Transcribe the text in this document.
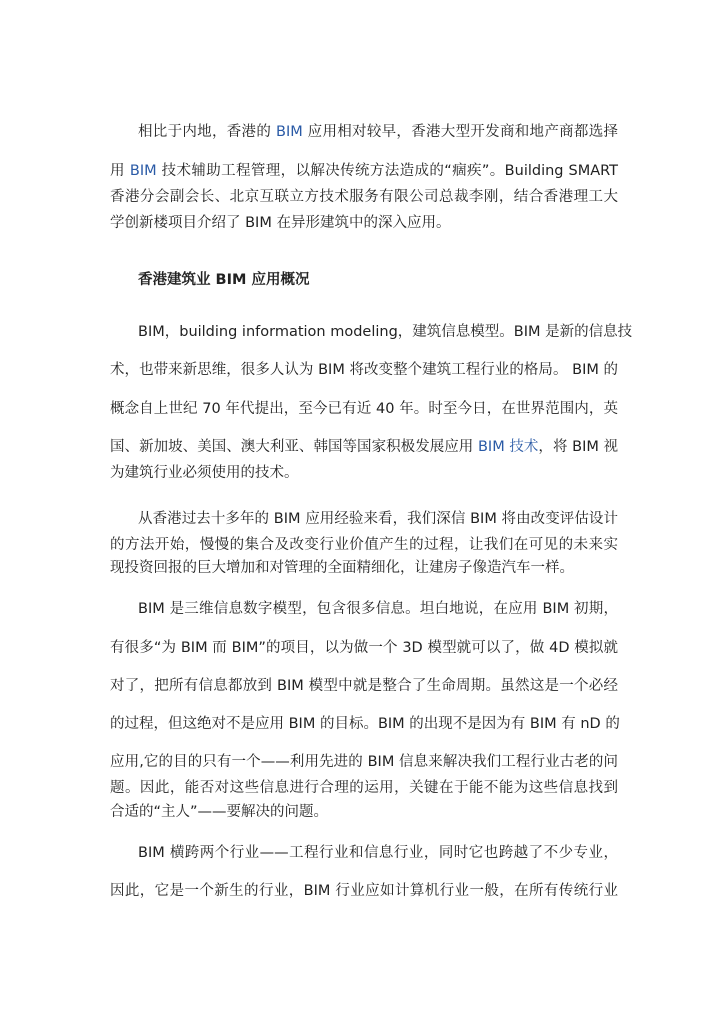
相比于内地，香港的 BIM 应用相对较早，香港大型开发商和地产商都选择
用 BIM 技术辅助工程管理，以解决传统方法造成的“痼疾”。Building SMART
香港分会副会长、北京互联立方技术服务有限公司总裁李刚，结合香港理工大
学创新楼项目介绍了 BIM 在异形建筑中的深入应用。
香港建筑业 BIM 应用概况
BIM，building information modeling，建筑信息模型。BIM 是新的信息技
术，也带来新思维，很多人认为 BIM 将改变整个建筑工程行业的格局。 BIM 的
概念自上世纪 70 年代提出，至今已有近 40 年。时至今日，在世界范围内，英
国、新加坡、美国、澳大利亚、韩国等国家积极发展应用 BIM 技术，将 BIM 视
为建筑行业必须使用的技术。
从香港过去十多年的 BIM 应用经验来看，我们深信 BIM 将由改变评估设计
的方法开始，慢慢的集合及改变行业价值产生的过程，让我们在可见的未来实
现投资回报的巨大增加和对管理的全面精细化，让建房子像造汽车一样。
BIM 是三维信息数字模型，包含很多信息。坦白地说，在应用 BIM 初期，
有很多“为 BIM 而 BIM”的项目，以为做一个 3D 模型就可以了，做 4D 模拟就
对了，把所有信息都放到 BIM 模型中就是整合了生命周期。虽然这是一个必经
的过程，但这绝对不是应用 BIM 的目标。BIM 的出现不是因为有 BIM 有 nD 的
应用,它的目的只有一个——利用先进的 BIM 信息来解决我们工程行业古老的问
题。因此，能否对这些信息进行合理的运用，关键在于能不能为这些信息找到
合适的“主人”——要解决的问题。
BIM 横跨两个行业——工程行业和信息行业，同时它也跨越了不少专业，
因此，它是一个新生的行业，BIM 行业应如计算机行业一般，在所有传统行业
